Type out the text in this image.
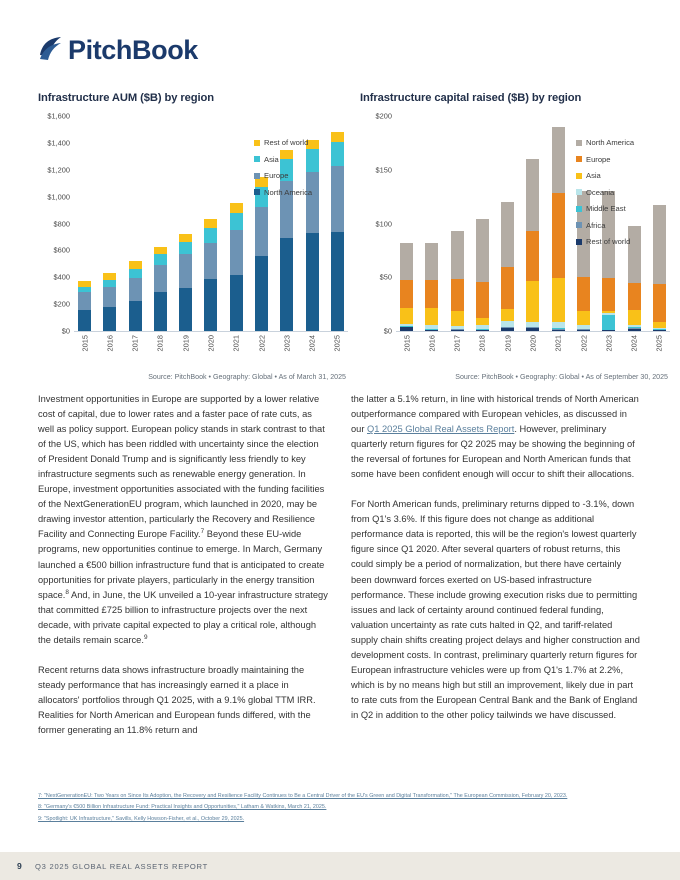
PitchBook
Infrastructure AUM ($B) by region
$0
$200
$400
$600
$800
$1,000
$1,200
$1,400
$1,600
Rest of world
Asia
Europe
North America
2015 2016 2017 2018 2019 2020 2021 2022 2023 2024 2025
Source: PitchBook • Geography: Global • As of March 31, 2025
Infrastructure capital raised ($B) by region
$0
$50
$100
$150
$200
North America
Europe
Asia
Oceania
Middle East
Africa
Rest of world
2015 2016 2017 2018 2019 2020 2021 2022 2023 2024 2025
Source: PitchBook • Geography: Global • As of September 30, 2025

Investment opportunities in Europe are supported by a lower relative cost of capital, due to lower rates and a faster pace of rate cuts, as well as policy support. European policy stands in stark contrast to that of the US, which has been riddled with uncertainty since the election of President Donald Trump and is significantly less friendly to key infrastructure segments such as renewable energy generation. In Europe, investment opportunities associated with the funding facilities of the NextGenerationEU program, which launched in 2020, may be drawing investor attention, particularly the Recovery and Resilience Facility and Connecting Europe Facility.$^7$ Beyond these EU-wide programs, new opportunities continue to emerge. In March, Germany launched a €500 billion infrastructure fund that is anticipated to create opportunities for private players, particularly in the energy transition space.$^8$ And, in June, the UK unveiled a 10-year infrastructure strategy that committed £725 billion to infrastructure projects over the next decade, with private capital expected to play a critical role, although the details remain scarce.$^9$

Recent returns data shows infrastructure broadly maintaining the steady performance that has increasingly earned it a place in allocators' portfolios through Q1 2025, with a 9.1% global TTM IRR. Realities for North American and European funds differed, with the former generating an 11.8% return and

the latter a 5.1% return, in line with historical trends of North American outperformance compared with European vehicles, as discussed in our Q1 2025 Global Real Assets Report. However, preliminary quarterly return figures for Q2 2025 may be showing the beginning of the reversal of fortunes for European and North American funds that some have been confident enough will occur to shift their allocations.

For North American funds, preliminary returns dipped to -3.1%, down from Q1's 3.6%. If this figure does not change as additional performance data is reported, this will be the region's lowest quarterly figure since Q1 2020. After several quarters of robust returns, this could simply be a period of normalization, but there have certainly been downward forces exerted on US-based infrastructure performance. These include growing execution risks due to permitting issues and lack of certainty around continued federal funding, valuation uncertainty as rate cuts halted in Q2, and tariff-related supply chain shifts creating project delays and higher construction and development costs. In contrast, preliminary quarterly return figures for European infrastructure vehicles were up from Q1's 1.7% at 2.2%, which is by no means high but still an improvement, likely due in part to rate cuts from the European Central Bank and the Bank of England in Q2 in addition to the other policy tailwinds we have discussed.

7: "NextGenerationEU: Two Years on Since Its Adoption, the Recovery and Resilience Facility Continues to Be a Central Driver of the EU's Green and Digital Transformation," The European Commission, February 20, 2023.
8: "Germany's €500 Billion Infrastructure Fund: Practical Insights and Opportunities," Latham & Watkins, March 21, 2025.
9: "Spotlight: UK Infrastructure," Savills, Kelly Howson-Fisher, et al., October 29, 2025.
9	Q3 2025 GLOBAL REAL ASSETS REPORT
